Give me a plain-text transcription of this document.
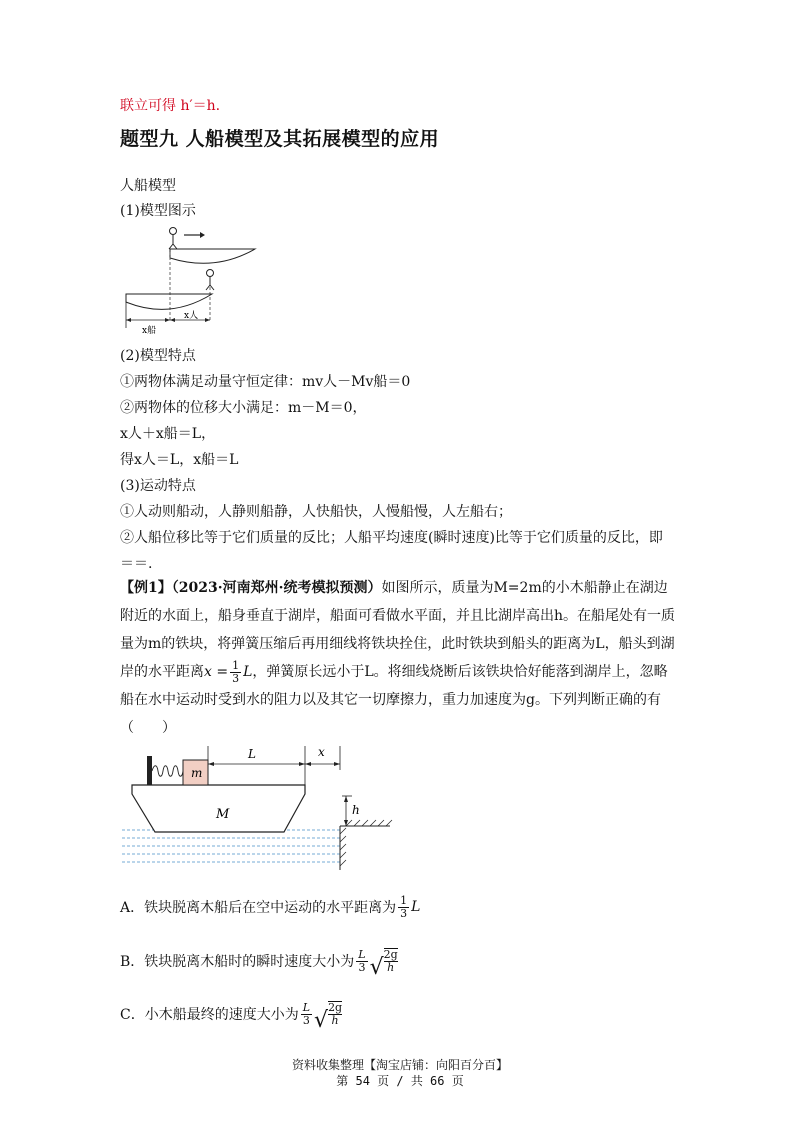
联立可得 h′＝h.
题型九 人船模型及其拓展模型的应用
人船模型
(1)模型图示
x船
x人
(2)模型特点
①两物体满足动量守恒定律：mv人－Mv船＝0
②两物体的位移大小满足：m－M＝0，
x人＋x船＝L，
得x人＝L，x船＝L
(3)运动特点
①人动则船动，人静则船静，人快船快，人慢船慢，人左船右；
②人船位移比等于它们质量的反比；人船平均速度(瞬时速度)比等于它们质量的反比，即
＝＝.
【例1】（2023·河南郑州·统考模拟预测）如图所示，质量为M=2m的小木船静止在湖边附近的水面上，船身垂直于湖岸，船面可看做水平面，并且比湖岸高出h。在船尾处有一质量为m的铁块，将弹簧压缩后再用细线将铁块拴住，此时铁块到船头的距离为L，船头到湖岸的水平距离$x = \frac{1}{3}$ L，弹簧原长远小于L。将细线烧断后该铁块恰好能落到湖岸上，忽略船在水中运动时受到水的阻力以及其它一切摩擦力，重力加速度为g。下列判断正确的有（　　）
M
m
L	x
h
A．铁块脱离木船后在空中运动的水平距离为 $\frac{1}{3}$ L
B．铁块脱离木船时的瞬时速度大小为 $\frac{L}{3}$ √ $\frac{2g}{h}$
C．小木船最终的速度大小为 $\frac{L}{3}$ √ $\frac{2g}{h}$
资料收集整理【淘宝店铺：向阳百分百】
第 54 页 / 共 66 页
